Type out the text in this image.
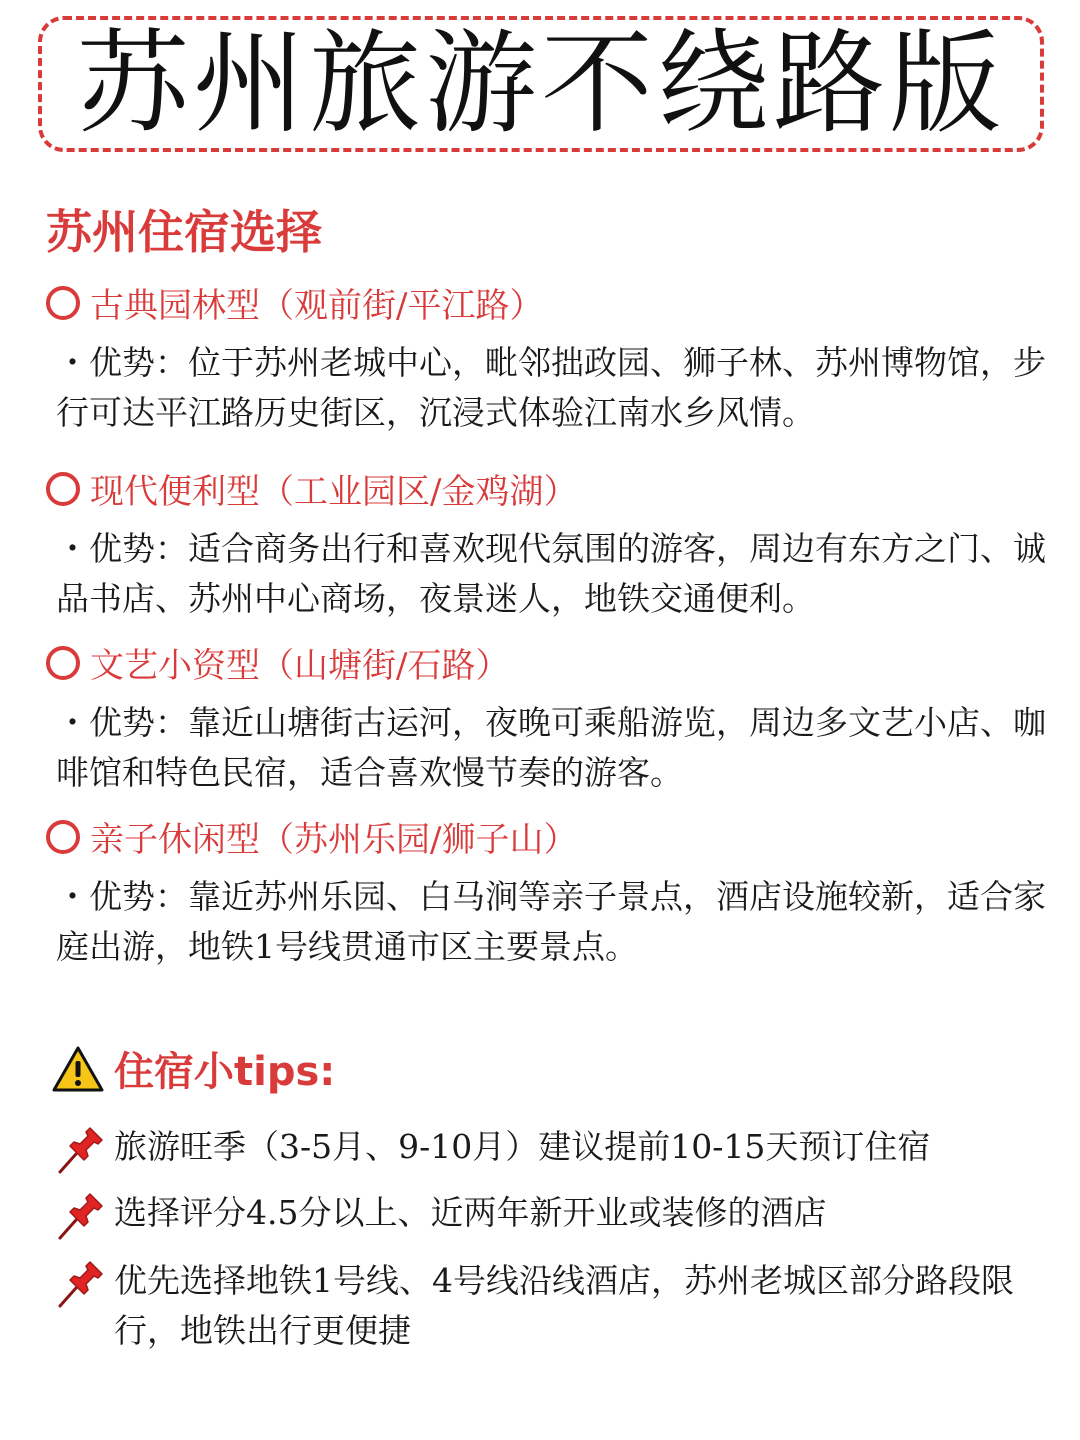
苏州旅游不绕路版
苏州住宿选择
古典园林型（观前街/平江路）
・优势：位于苏州老城中心，毗邻拙政园、狮子林、苏州博物馆，步行可达平江路历史街区，沉浸式体验江南水乡风情。
现代便利型（工业园区/金鸡湖）
・优势：适合商务出行和喜欢现代氛围的游客，周边有东方之门、诚品书店、苏州中心商场，夜景迷人，地铁交通便利。
文艺小资型（山塘街/石路）
・优势：靠近山塘街古运河，夜晚可乘船游览，周边多文艺小店、咖啡馆和特色民宿，适合喜欢慢节奏的游客。
亲子休闲型（苏州乐园/狮子山）
・优势：靠近苏州乐园、白马涧等亲子景点，酒店设施较新，适合家庭出游，地铁1号线贯通市区主要景点。
住宿小tips:
旅游旺季（3-5月、9-10月）建议提前10-15天预订住宿
选择评分4.5分以上、近两年新开业或装修的酒店
优先选择地铁1号线、4号线沿线酒店，苏州老城区部分路段限行，地铁出行更便捷
